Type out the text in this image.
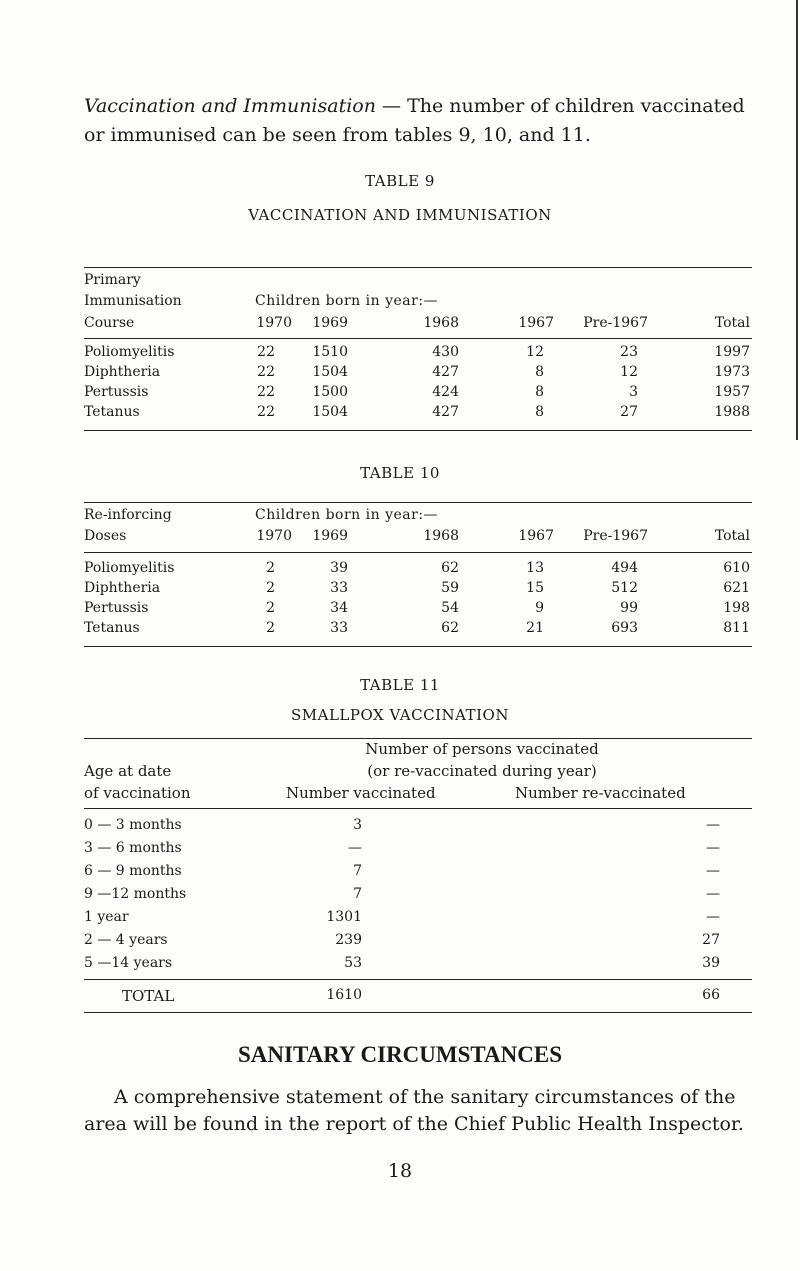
Vaccination and Immunisation — The number of children vaccinated or immunised can be seen from tables 9, 10, and 11.
TABLE 9
VACCINATION AND IMMUNISATION
Primary
Immunisation
Course
Children born in year:—
1970	1969	1968	1967	Pre-1967	Total
Poliomyelitis	22	1510	430	12	23	1997
Diphtheria	22	1504	427	8	12	1973
Pertussis	22	1500	424	8	3	1957
Tetanus	22	1504	427	8	27	1988
TABLE 10
Re-inforcing
Doses
Children born in year:—
1970	1969	1968	1967	Pre-1967	Total
Poliomyelitis	2	39	62	13	494	610
Diphtheria	2	33	59	15	512	621
Pertussis	2	34	54	9	99	198
Tetanus	2	33	62	21	693	811
TABLE 11
SMALLPOX VACCINATION
Age at date
of vaccination
Number of persons vaccinated
(or re-vaccinated during year)
Number vaccinated	Number re-vaccinated
0 — 3 months	3	—
3 — 6 months	—	—
6 — 9 months	7	—
9 —12 months	7	—
1 year	1301	—
2 — 4 years	239	27
5 —14 years	53	39
TOTAL	1610	66
SANITARY CIRCUMSTANCES
A comprehensive statement of the sanitary circumstances of the area will be found in the report of the Chief Public Health Inspector.
18
